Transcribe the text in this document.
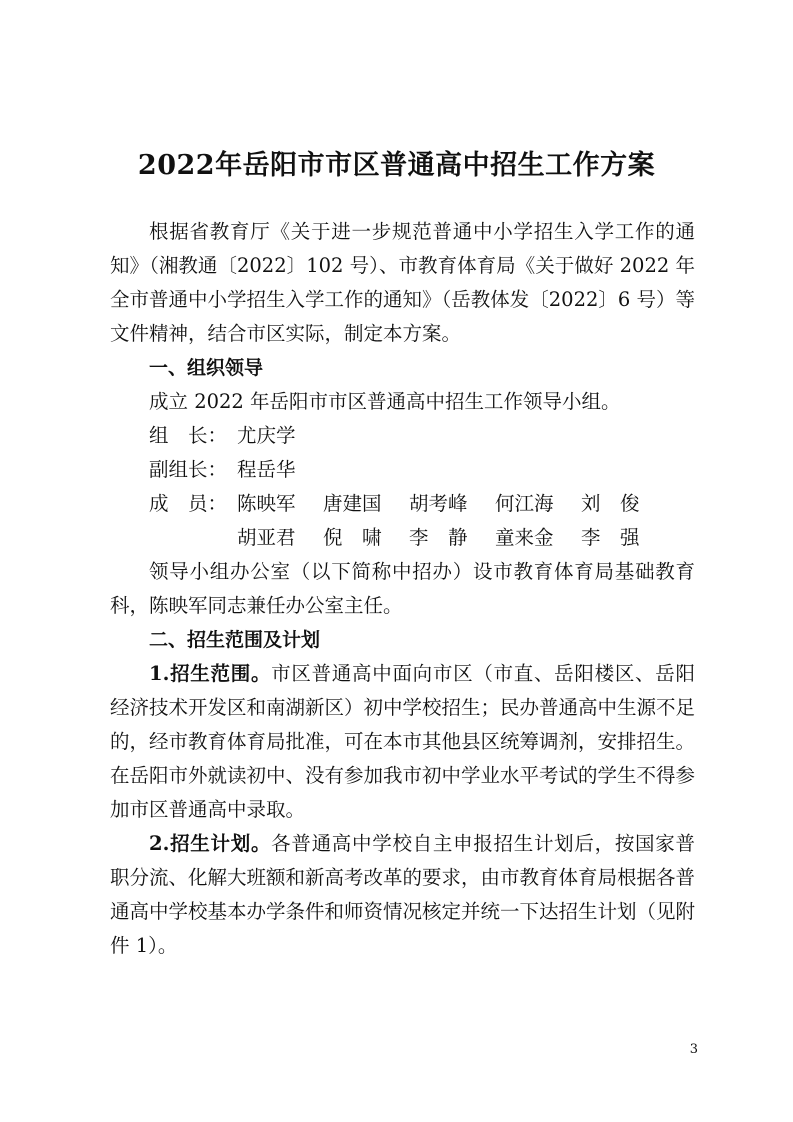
2022年岳阳市市区普通高中招生工作方案

根据省教育厅《关于进一步规范普通中小学招生入学工作的通知》（湘教通〔2022〕102 号）、市教育体育局《关于做好 2022 年全市普通中小学招生入学工作的通知》（岳教体发〔2022〕6 号）等文件精神，结合市区实际，制定本方案。

一、组织领导

成立 2022 年岳阳市市区普通高中招生工作领导小组。

组　长： 尤庆学
副组长： 程岳华
成　员： 陈映军	唐建国	胡考峰	何江海	刘　俊
胡亚君	倪　啸	李　静	童来金	李　强

领导小组办公室（以下简称中招办）设市教育体育局基础教育科，陈映军同志兼任办公室主任。

二、招生范围及计划

1.招生范围。市区普通高中面向市区（市直、岳阳楼区、岳阳经济技术开发区和南湖新区）初中学校招生；民办普通高中生源不足的，经市教育体育局批准，可在本市其他县区统筹调剂，安排招生。在岳阳市外就读初中、没有参加我市初中学业水平考试的学生不得参加市区普通高中录取。

2.招生计划。各普通高中学校自主申报招生计划后，按国家普职分流、化解大班额和新高考改革的要求，由市教育体育局根据各普通高中学校基本办学条件和师资情况核定并统一下达招生计划（见附件 1）。

3
